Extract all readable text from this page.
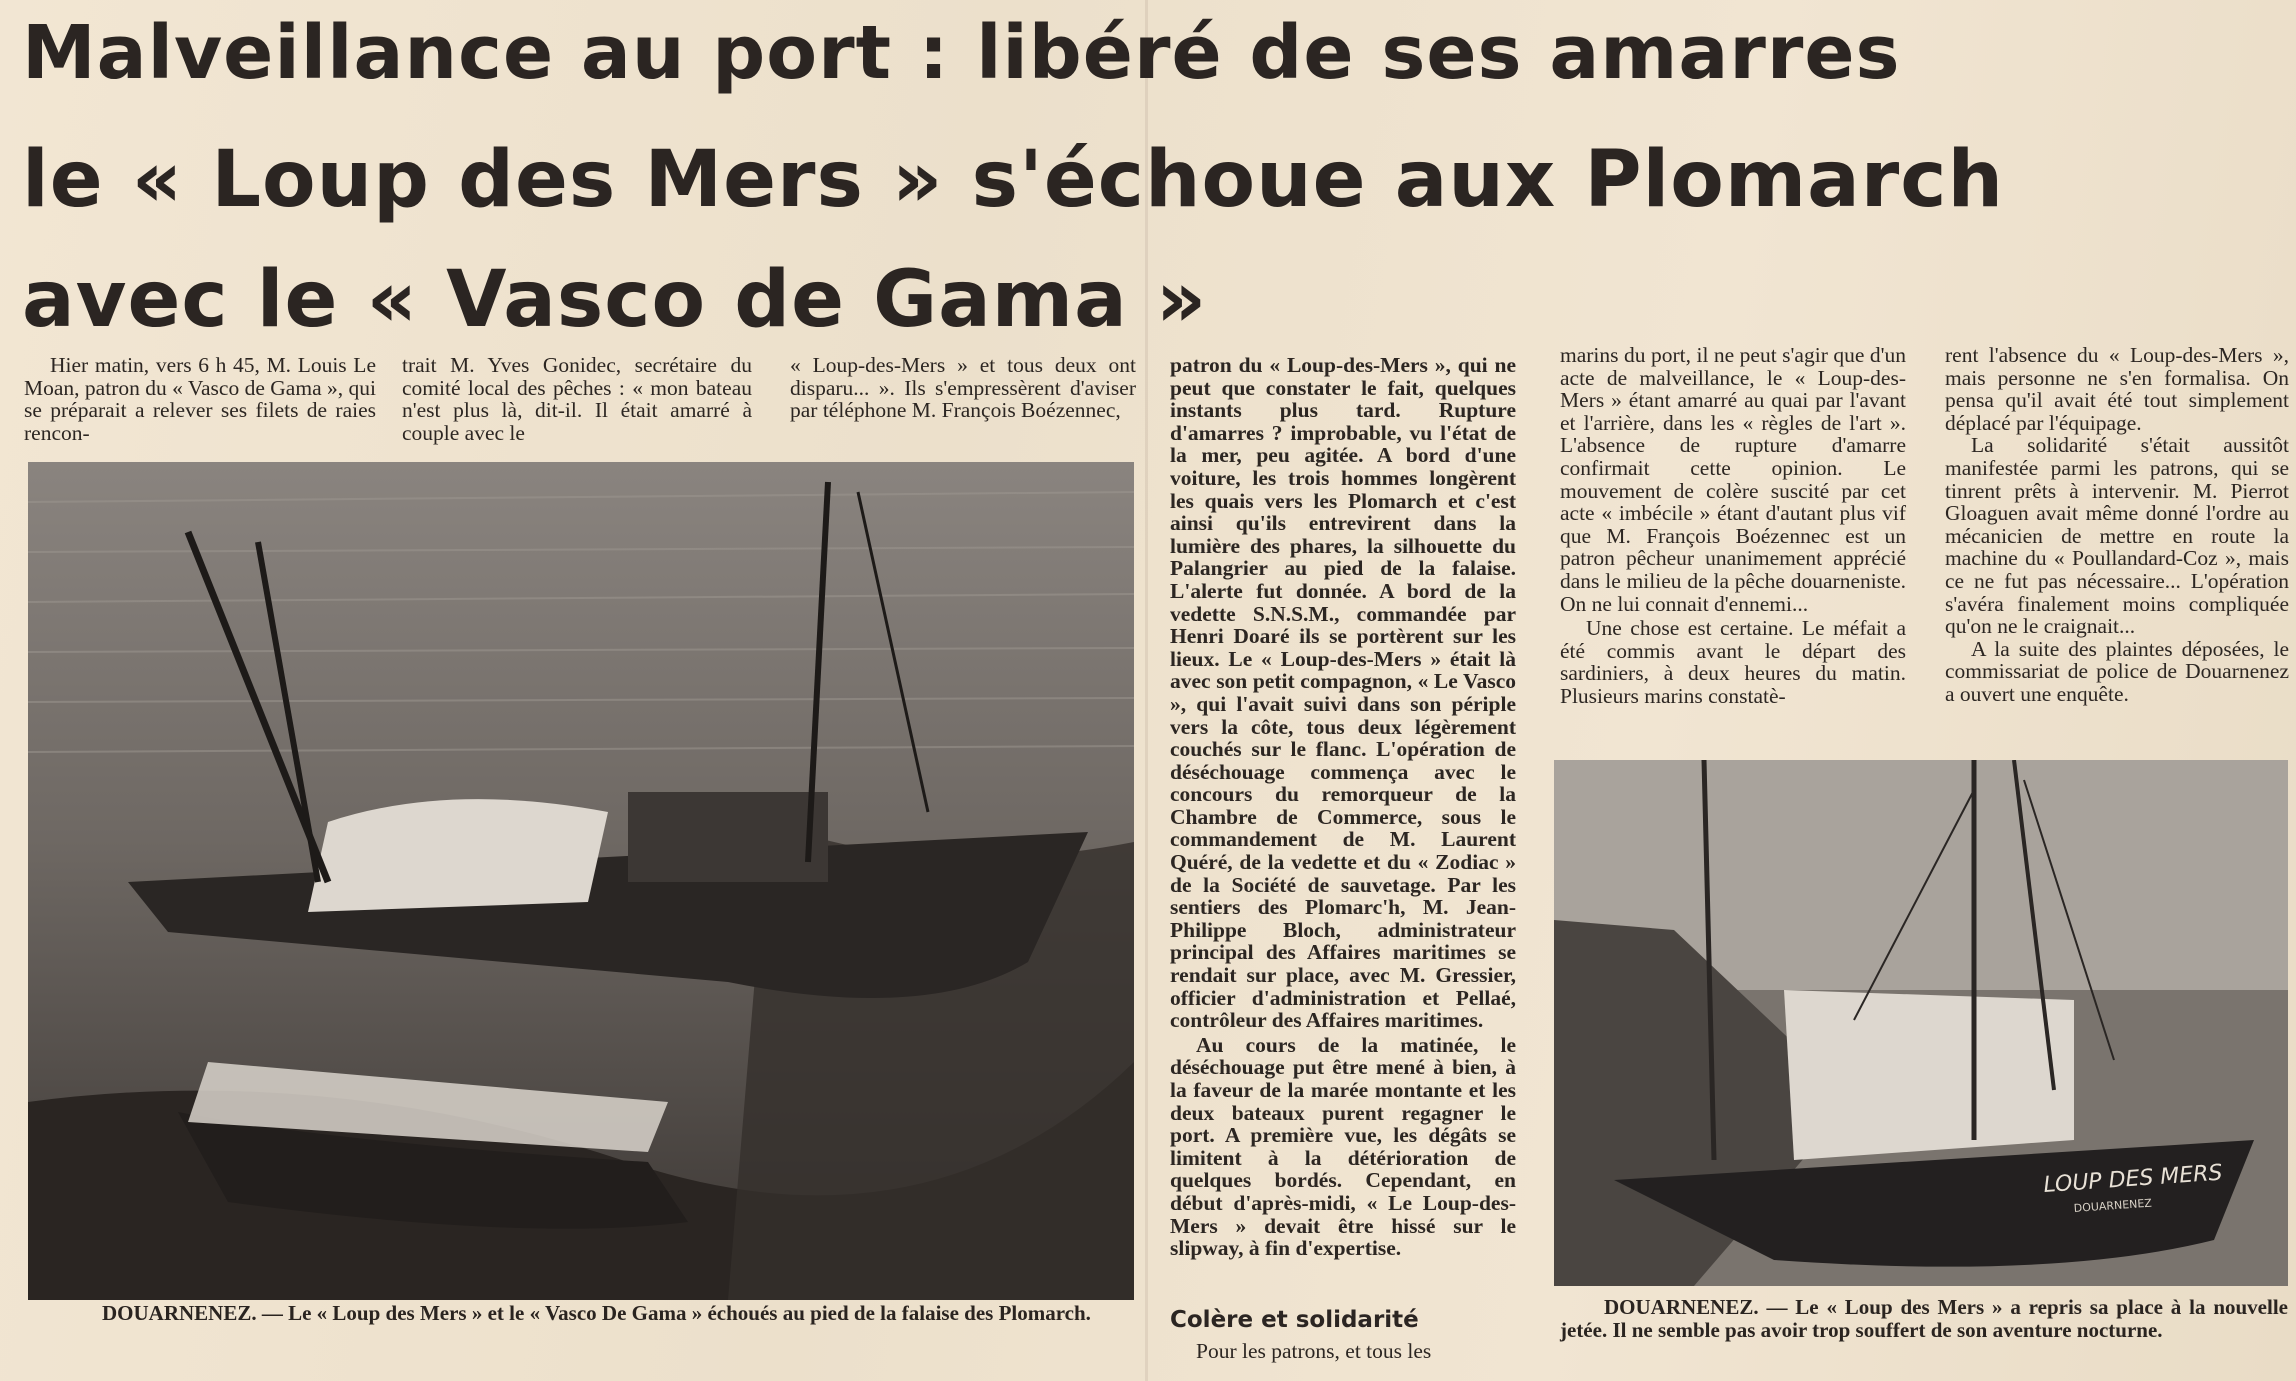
Malveillance au port : libéré de ses amarres
le « Loup des Mers » s'échoue aux Plomarch
avec le « Vasco de Gama »

Hier matin, vers 6 h 45, M. Louis Le Moan, patron du « Vasco de Gama », qui se préparait a relever ses filets de raies rencon-

trait M. Yves Gonidec, secrétaire du comité local des pêches : « mon bateau n'est plus là, dit-il. Il était amarré à couple avec le
« Loup-des-Mers » et tous deux ont disparu... ». Ils s'empressèrent d'aviser par téléphone M. François Boézennec,
DOUARNENEZ. — Le « Loup des Mers » et le « Vasco De Gama » échoués au pied de la falaise des Plomarch.
patron du « Loup-des-Mers », qui ne peut que constater le fait, quelques instants plus tard. Rupture d'amarres ? improbable, vu l'état de la mer, peu agitée. A bord d'une voiture, les trois hommes longèrent les quais vers les Plomarch et c'est ainsi qu'ils entrevirent dans la lumière des phares, la silhouette du Palangrier au pied de la falaise. L'alerte fut donnée. A bord de la vedette S.N.S.M., commandée par Henri Doaré ils se portèrent sur les lieux. Le « Loup-des-Mers » était là avec son petit compagnon, « Le Vasco », qui l'avait suivi dans son périple vers la côte, tous deux légèrement couchés sur le flanc. L'opération de déséchouage commença avec le concours du remorqueur de la Chambre de Commerce, sous le commandement de M. Laurent Quéré, de la vedette et du « Zodiac » de la Société de sauvetage. Par les sentiers des Plomarc'h, M. Jean-Philippe Bloch, administrateur principal des Affaires maritimes se rendait sur place, avec M. Gressier, officier d'administration et Pellaé, contrôleur des Affaires maritimes.

Au cours de la matinée, le déséchouage put être mené à bien, à la faveur de la marée montante et les deux bateaux purent regagner le port. A première vue, les dégâts se limitent à la détérioration de quelques bordés. Cependant, en début d'après-midi, « Le Loup-des-Mers » devait être hissé sur le slipway, à fin d'expertise.

Colère et solidarité

Pour les patrons, et tous les

marins du port, il ne peut s'agir que d'un acte de malveillance, le « Loup-des-Mers » étant amarré au quai par l'avant et l'arrière, dans les « règles de l'art ». L'absence de rupture d'amarre confirmait cette opinion. Le mouvement de colère suscité par cet acte « imbécile » étant d'autant plus vif que M. François Boézennec est un patron pêcheur unanimement apprécié dans le milieu de la pêche douarneniste. On ne lui connait d'ennemi...

Une chose est certaine. Le méfait a été commis avant le départ des sardiniers, à deux heures du matin. Plusieurs marins constatè-

rent l'absence du « Loup-des-Mers », mais personne ne s'en formalisa. On pensa qu'il avait été tout simplement déplacé par l'équipage.

La solidarité s'était aussitôt manifestée parmi les patrons, qui se tinrent prêts à intervenir. M. Pierrot Gloaguen avait même donné l'ordre au mécanicien de mettre en route la machine du « Poullandard-Coz », mais ce ne fut pas nécessaire... L'opération s'avéra finalement moins compliquée qu'on ne le craignait...

A la suite des plaintes déposées, le commissariat de police de Douarnenez a ouvert une enquête.

LOUP DES MERS
DOUARNENEZ
DOUARNENEZ. — Le « Loup des Mers » a repris sa place à la nouvelle jetée. Il ne semble pas avoir trop souffert de son aventure nocturne.
